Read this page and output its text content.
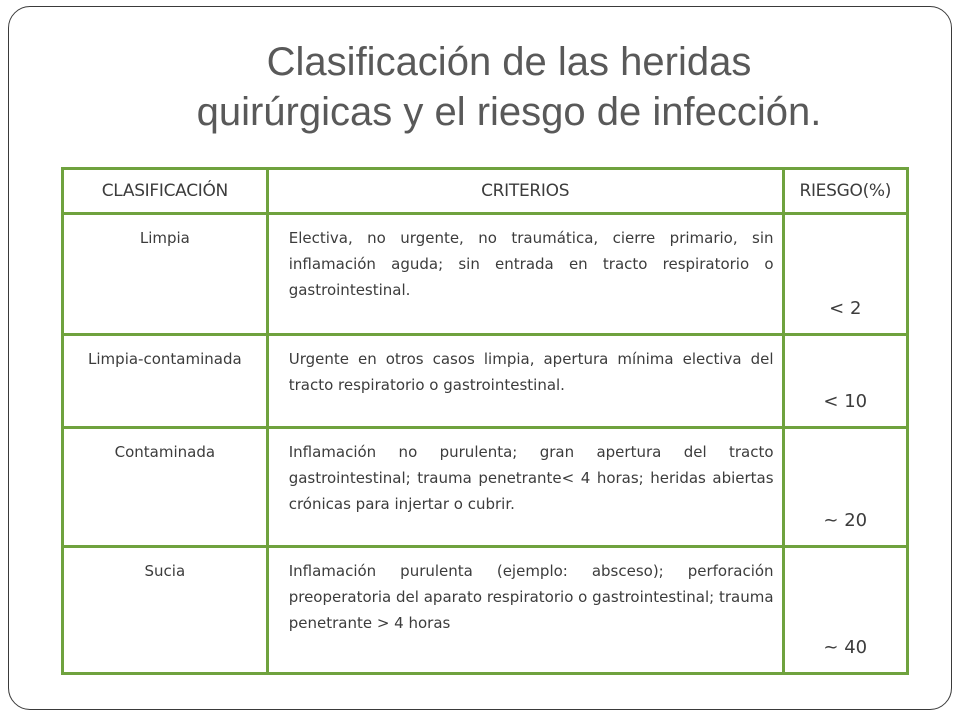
Clasificación de las heridas
quirúrgicas y el riesgo de infección.
CLASIFICACIÓN	CRITERIOS	RIESGO(%)
Limpia	Electiva, no urgente, no traumática, cierre primario, sin inflamación aguda; sin entrada en tracto respiratorio o gastrointestinal.	< 2
Limpia-contaminada	Urgente en otros casos limpia, apertura mínima electiva del tracto respiratorio o gastrointestinal.	< 10
Contaminada	Inflamación no purulenta; gran apertura del tracto gastrointestinal; trauma penetrante< 4 horas; heridas abiertas crónicas para injertar o cubrir.	~ 20
Sucia	Inflamación purulenta (ejemplo: absceso); perforación preoperatoria del aparato respiratorio o gastrointestinal; trauma penetrante > 4 horas	~ 40
